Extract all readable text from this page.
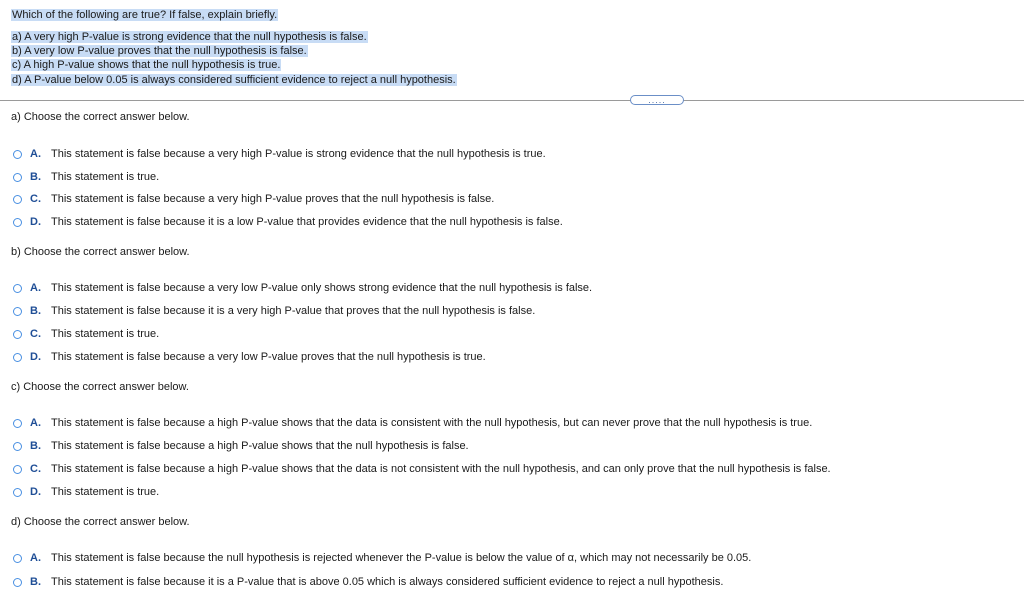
Which of the following are true? If false, explain briefly.
a) A very high P-value is strong evidence that the null hypothesis is false.
b) A very low P-value proves that the null hypothesis is false.
c) A high P-value shows that the null hypothesis is true.
d) A P-value below 0.05 is always considered sufficient evidence to reject a null hypothesis.
.....
a) Choose the correct answer below.
A. This statement is false because a very high P-value is strong evidence that the null hypothesis is true.
B. This statement is true.
C. This statement is false because a very high P-value proves that the null hypothesis is false.
D. This statement is false because it is a low P-value that provides evidence that the null hypothesis is false.
b) Choose the correct answer below.
A. This statement is false because a very low P-value only shows strong evidence that the null hypothesis is false.
B. This statement is false because it is a very high P-value that proves that the null hypothesis is false.
C. This statement is true.
D. This statement is false because a very low P-value proves that the null hypothesis is true.
c) Choose the correct answer below.
A. This statement is false because a high P-value shows that the data is consistent with the null hypothesis, but can never prove that the null hypothesis is true.
B. This statement is false because a high P-value shows that the null hypothesis is false.
C. This statement is false because a high P-value shows that the data is not consistent with the null hypothesis, and can only prove that the null hypothesis is false.
D. This statement is true.
d) Choose the correct answer below.
A. This statement is false because the null hypothesis is rejected whenever the P-value is below the value of α, which may not necessarily be 0.05.
B. This statement is false because it is a P-value that is above 0.05 which is always considered sufficient evidence to reject a null hypothesis.
